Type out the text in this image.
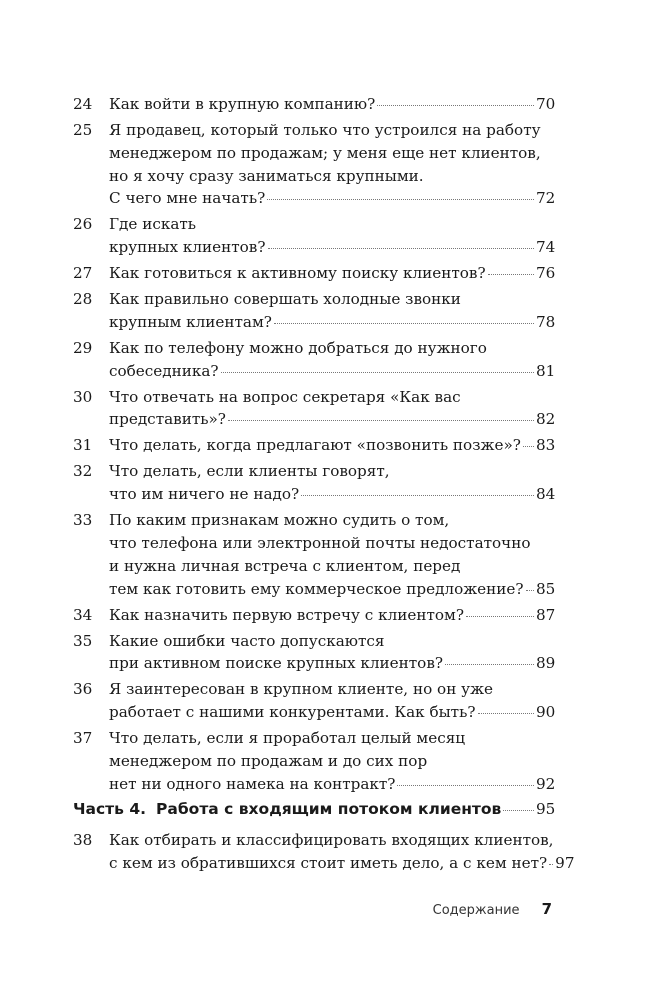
24	Как войти в крупную компанию?	70
25	Я продавец, который только что устроился на работу
менеджером по продажам; у меня еще нет клиентов,
но я хочу сразу заниматься крупными.
С чего мне начать?	72
26	Где искать
крупных клиентов?	74
27	Как готовиться к активному поиску клиентов?	76
28	Как правильно совершать холодные звонки
крупным клиентам?	78
29	Как по телефону можно добраться до нужного
собеседника?	81
30	Что отвечать на вопрос секретаря «Как вас
представить»?	82
31	Что делать, когда предлагают «позвонить позже»? 83
32	Что делать, если клиенты говорят,
что им ничего не надо?	84
33	По каким признакам можно судить о том,
что телефона или электронной почты недостаточно
и нужна личная встреча с клиентом, перед
тем как готовить ему коммерческое предложение? 85
34	Как назначить первую встречу с клиентом?	87
35	Какие ошибки часто допускаются
при активном поиске крупных клиентов?	89
36	Я заинтересован в крупном клиенте, но он уже
работает с нашими конкурентами. Как быть?	90
37	Что делать, если я проработал целый месяц
менеджером по продажам и до сих пор
нет ни одного намека на контракт?	92
Часть 4. Работа с входящим потоком клиентов 95
38	Как отбирать и классифицировать входящих клиентов,
с кем из обратившихся стоит иметь дело, а с кем нет? 97
Содержание 7
